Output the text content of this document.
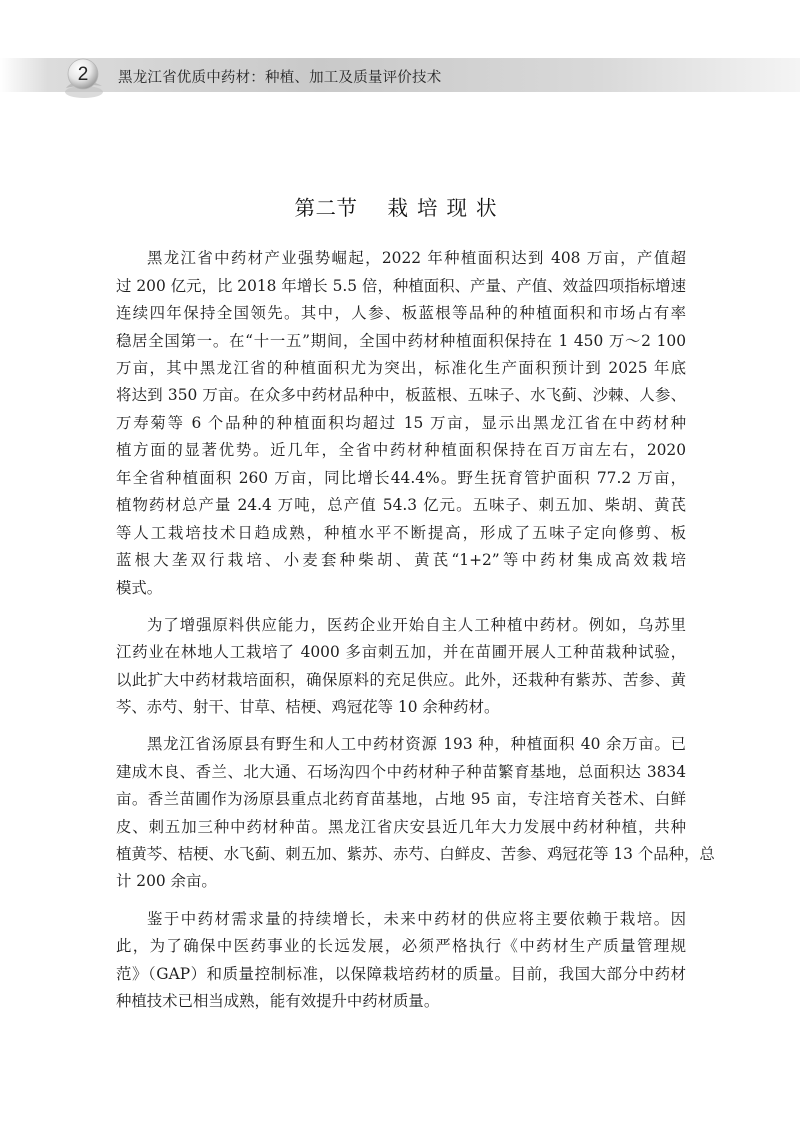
2	黑龙江省优质中药材：种植、加工及质量评价技术
第二节 栽培现状
黑龙江省中药材产业强势崛起，2022 年种植面积达到 408 万亩，产值超
过 200 亿元，比 2018 年增长 5.5 倍，种植面积、产量、产值、效益四项指标增速
连续四年保持全国领先。其中，人参、板蓝根等品种的种植面积和市场占有率
稳居全国第一。在“十一五”期间，全国中药材种植面积保持在 1 450 万～2 100
万亩，其中黑龙江省的种植面积尤为突出，标准化生产面积预计到 2025 年底
将达到 350 万亩。在众多中药材品种中，板蓝根、五味子、水飞蓟、沙棘、人参、
万寿菊等 6 个品种的种植面积均超过 15 万亩，显示出黑龙江省在中药材种
植方面的显著优势。近几年，全省中药材种植面积保持在百万亩左右，2020
年全省种植面积 260 万亩，同比增长44.4%。野生抚育管护面积 77.2 万亩，
植物药材总产量 24.4 万吨，总产值 54.3 亿元。五味子、刺五加、柴胡、黄芪
等人工栽培技术日趋成熟，种植水平不断提高，形成了五味子定向修剪、板
蓝根大垄双行栽培、小麦套种柴胡、黄芪“1+2”等中药材集成高效栽培
模式。
为了增强原料供应能力，医药企业开始自主人工种植中药材。例如，乌苏里
江药业在林地人工栽培了 4000 多亩刺五加，并在苗圃开展人工种苗栽种试验，
以此扩大中药材栽培面积，确保原料的充足供应。此外，还栽种有紫苏、苦参、黄
芩、赤芍、射干、甘草、桔梗、鸡冠花等 10 余种药材。
黑龙江省汤原县有野生和人工中药材资源 193 种，种植面积 40 余万亩。已
建成木良、香兰、北大通、石场沟四个中药材种子种苗繁育基地，总面积达 3834
亩。香兰苗圃作为汤原县重点北药育苗基地，占地 95 亩，专注培育关苍术、白鲜
皮、刺五加三种中药材种苗。黑龙江省庆安县近几年大力发展中药材种植，共种
植黄芩、桔梗、水飞蓟、刺五加、紫苏、赤芍、白鲜皮、苦参、鸡冠花等 13 个品种，总
计 200 余亩。
鉴于中药材需求量的持续增长，未来中药材的供应将主要依赖于栽培。因
此，为了确保中医药事业的长远发展，必须严格执行《中药材生产质量管理规
范》（GAP）和质量控制标准，以保障栽培药材的质量。目前，我国大部分中药材
种植技术已相当成熟，能有效提升中药材质量。
